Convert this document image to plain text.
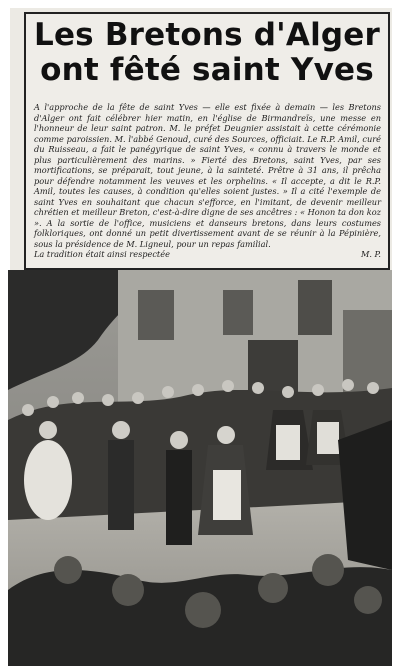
Les Bretons d'Alger
ont fêté saint Yves

A l'approche de la fête de saint Yves — elle est fixée à demain — les Bretons d'Alger ont fait célébrer hier matin, en l'église de Birmandreïs, une messe en l'honneur de leur saint patron. M. le préfet Deugnier assistait à cette cérémonie comme paroissien. M. l'abbé Genoud, curé des Sources, officiait. Le R.P. Amil, curé du Ruisseau, a fait le panégyrique de saint Yves, « connu à travers le monde et plus particulièrement des marins. » Fierté des Bretons, saint Yves, par ses mortifications, se préparait, tout jeune, à la sainteté. Prêtre à 31 ans, il prêcha pour défendre notamment les veuves et les orphelins. « Il accepte, a dit le R.P. Amil, toutes les causes, à condition qu'elles soient justes. » Il a cité l'exemple de saint Yves en souhaitant que chacun s'efforce, en l'imitant, de devenir meilleur chrétien et meilleur Breton, c'est-à-dire digne de ses ancêtres : « Honon ta don koz ». A la sortie de l'office, musiciens et danseurs bretons, dans leurs costumes folkloriques, ont donné un petit divertissement avant de se réunir à la Pépinière, sous la présidence de M. Ligneul, pour un repas familial.

La tradition était ainsi respectée	M. P.
